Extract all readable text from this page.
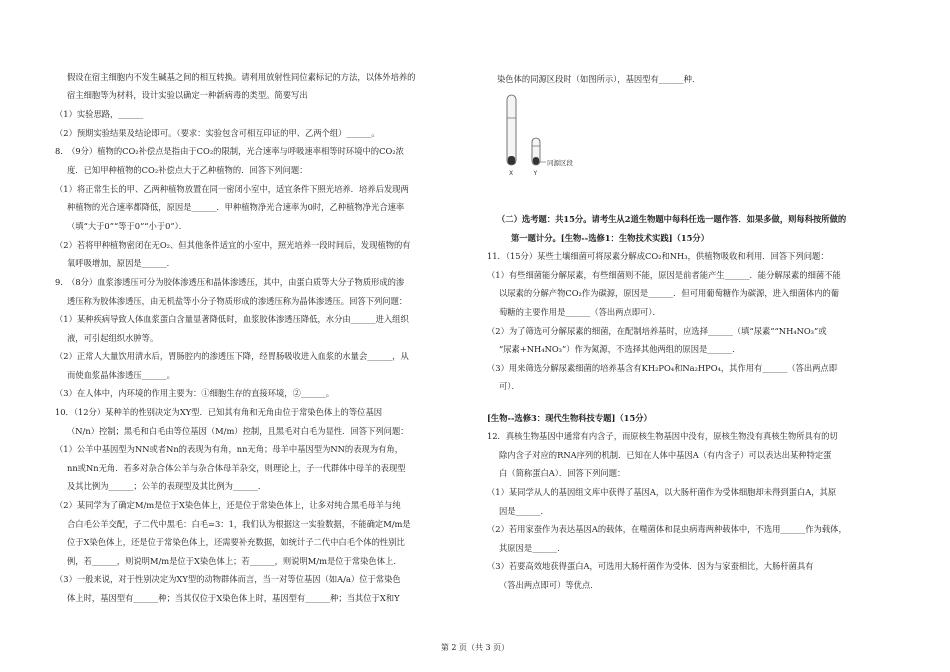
假设在宿主细胞内不发生碱基之间的相互转换。请利用放射性同位素标记的方法，以体外培养的
宿主细胞等为材料，设计实验以确定一种新病毒的类型。简要写出
（1）实验思路，______
（2）预期实验结果及结论即可。（要求：实验包含可相互印证的甲、乙两个组）______。
8.　（9分）植物的CO₂补偿点是指由于CO₂的限制，光合速率与呼吸速率相等时环境中的CO₂浓
度．已知甲种植物的CO₂补偿点大于乙种植物的．回答下列问题：
（1）将正常生长的甲、乙两种植物放置在同一密闭小室中，适宜条件下照光培养．培养后发现两
种植物的光合速率都降低，原因是______．甲种植物净光合速率为0时，乙种植物净光合速率
（填“大于0”“等于0”“小于0”）．
（2）若将甲种植物密闭在无O₂、但其他条件适宜的小室中，照光培养一段时间后，发现植物的有
氧呼吸增加，原因是______．
9.　（8分）血浆渗透压可分为胶体渗透压和晶体渗透压，其中，由蛋白质等大分子物质形成的渗
透压称为胶体渗透压，由无机盐等小分子物质形成的渗透压称为晶体渗透压。回答下列问题：
（1）某种疾病导致人体血浆蛋白含量显著降低时，血浆胶体渗透压降低，水分由______进入组织
液，可引起组织水肿等。
（2）正常人大量饮用清水后，胃肠腔内的渗透压下降，经胃肠吸收进入血浆的水量会______，从
而使血浆晶体渗透压______。
（3）在人体中，内环境的作用主要为：①细胞生存的直接环境，②______。
10．（12分）某种羊的性别决定为XY型．已知其有角和无角由位于常染色体上的等位基因
（N/n）控制；黑毛和白毛由等位基因（M/m）控制，且黑毛对白毛为显性．回答下列问题：
（1）公羊中基因型为NN或者Nn的表现为有角，nn无角；母羊中基因型为NN的表现为有角，
nn或Nn无角．若多对杂合体公羊与杂合体母羊杂交，则理论上，子一代群体中母羊的表现型
及其比例为______；公羊的表现型及其比例为______．
（2）某同学为了确定M/m是位于X染色体上，还是位于常染色体上，让多对纯合黑毛母羊与纯
合白毛公羊交配，子二代中黑毛：白毛=3：1，我们认为根据这一实验数据，不能确定M/m是
位于X染色体上，还是位于常染色体上，还需要补充数据，如统计子二代中白毛个体的性别比
例，若______，则说明M/m是位于X染色体上；若______，则说明M/m是位于常染色体上．
（3）一般来说，对于性别决定为XY型的动物群体而言，当一对等位基因（如A/a）位于常染色
体上时，基因型有______种；当其仅位于X染色体上时，基因型有______种；当其位于X和Y
染色体的同源区段时（如图所示），基因型有______种．
同源区段
X	Y
（二）选考题：共15分。请考生从2道生物题中每科任选一题作答．如果多做，则每科按所做的
第一题计分。[生物--选修1：生物技术实践]（15分）
11．（15分）某些土壤细菌可将尿素分解成CO₂和NH₃，供植物吸收和利用．回答下列问题：
（1）有些细菌能分解尿素，有些细菌则不能，原因是前者能产生______．能分解尿素的细菌不能
以尿素的分解产物CO₂作为碳源，原因是______．但可用葡萄糖作为碳源，进入细菌体内的葡
萄糖的主要作用是______（答出两点即可）．
（2）为了筛选可分解尿素的细菌，在配制培养基时，应选择______（填“尿素”“NH₄NO₃”或
“尿素+NH₄NO₃”）作为氮源，不选择其他两组的原因是______．
（3）用来筛选分解尿素细菌的培养基含有KH₂PO₄和Na₂HPO₄，其作用有______（答出两点即
可）．
[生物--选修3：现代生物科技专题]（15分）
12．真核生物基因中通常有内含子，而原核生物基因中没有，原核生物没有真核生物所具有的切
除内含子对应的RNA序列的机制．已知在人体中基因A（有内含子）可以表达出某种特定蛋
白（简称蛋白A）．回答下列问题：
（1）某同学从人的基因组文库中获得了基因A，以大肠杆菌作为受体细胞却未得到蛋白A，其原
因是______．
（2）若用家蚕作为表达基因A的载体，在噬菌体和昆虫病毒两种载体中，不选用______作为载体，
其原因是______．
（3）若要高效地获得蛋白A，可选用大肠杆菌作为受体．因为与家蚕相比，大肠杆菌具有
（答出两点即可）等优点．
第 2 页（共 3 页）
